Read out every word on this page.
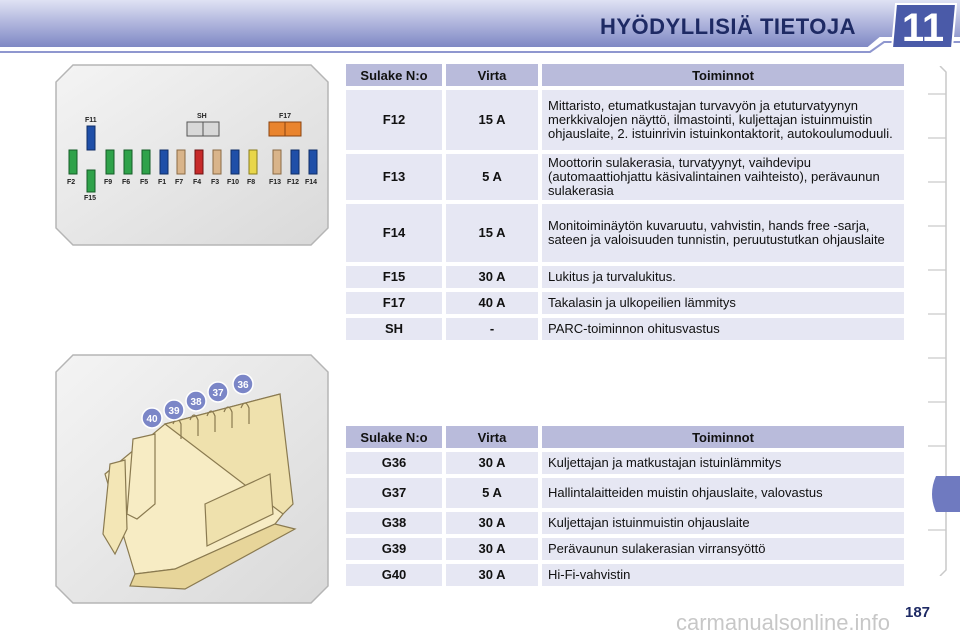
HYÖDYLLISIÄ TIETOJA 11
F11
SH	F17
F2	F9 F6 F5 F1 F7 F4 F3 F10 F8 F13 F12 F14
F15
40
39
38
37
36
Sulake N:o	Virta	Toiminnot
F12	15 A	Mittaristo, etumatkustajan turvavyön ja etuturvatyynyn merkkivalojen näyttö, ilmastointi, kuljettajan istuinmuistin ohjauslaite, 2. istuinrivin istuinkontaktorit, autokoulumoduuli.
F13	5 A	Moottorin sulakerasia, turvatyynyt, vaihdevipu (automaattiohjattu käsivalintainen vaihteisto), perävaunun sulakerasia
F14	15 A	Monitoiminäytön kuvaruutu, vahvistin, hands free -sarja, sateen ja valoisuuden tunnistin, peruutustutkan ohjauslaite
F15	30 A	Lukitus ja turvalukitus.
F17	40 A	Takalasin ja ulkopeilien lämmitys
SH	-	PARC-toiminnon ohitusvastus
Sulake N:o	Virta	Toiminnot
G36	30 A	Kuljettajan ja matkustajan istuinlämmitys
G37	5 A	Hallintalaitteiden muistin ohjauslaite, valovastus
G38	30 A	Kuljettajan istuinmuistin ohjauslaite
G39	30 A	Perävaunun sulakerasian virransyöttö
G40	30 A	Hi-Fi-vahvistin
187
carmanualsonline.info
